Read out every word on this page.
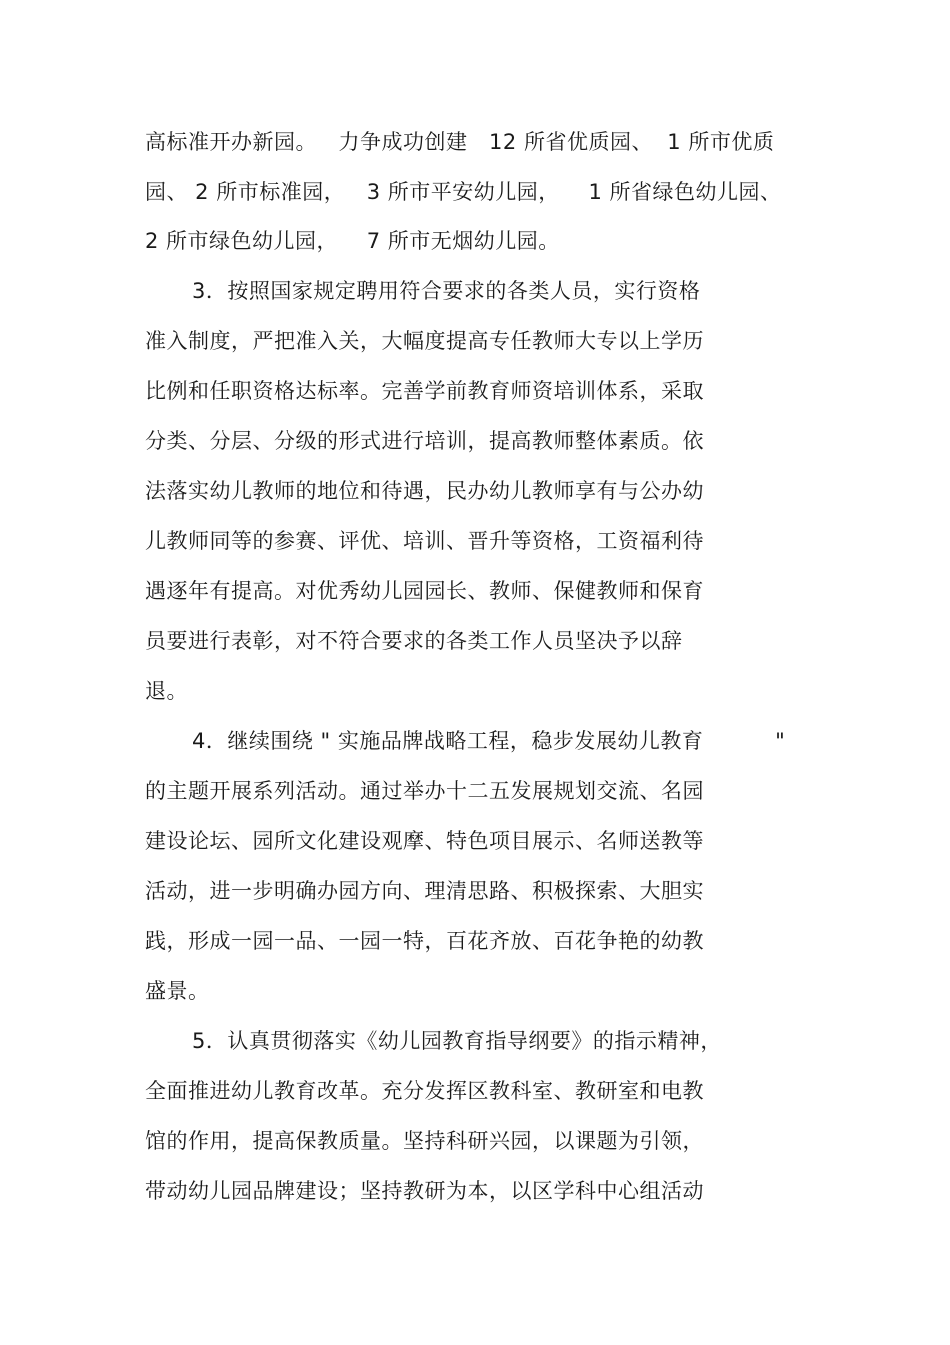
高标准开办新园。   力争成功创建   12 所省优质园、  1 所市优质
园、 2 所市标准园，   3 所市平安幼儿园，    1 所省绿色幼儿园、
2 所市绿色幼儿园，    7 所市无烟幼儿园。
3．按照国家规定聘用符合要求的各类人员，实行资格
准入制度，严把准入关，大幅度提高专任教师大专以上学历
比例和任职资格达标率。完善学前教育师资培训体系，采取
分类、分层、分级的形式进行培训，提高教师整体素质。依
法落实幼儿教师的地位和待遇，民办幼儿教师享有与公办幼
儿教师同等的参赛、评优、培训、晋升等资格，工资福利待
遇逐年有提高。对优秀幼儿园园长、教师、保健教师和保育
员要进行表彰，对不符合要求的各类工作人员坚决予以辞
退。
4．继续围绕 " 实施品牌战略工程，稳步发展幼儿教育          "
的主题开展系列活动。通过举办十二五发展规划交流、名园
建设论坛、园所文化建设观摩、特色项目展示、名师送教等
活动，进一步明确办园方向、理清思路、积极探索、大胆实
践，形成一园一品、一园一特，百花齐放、百花争艳的幼教
盛景。
5．认真贯彻落实《幼儿园教育指导纲要》的指示精神，
全面推进幼儿教育改革。充分发挥区教科室、教研室和电教
馆的作用，提高保教质量。坚持科研兴园，以课题为引领，
带动幼儿园品牌建设；坚持教研为本，以区学科中心组活动
